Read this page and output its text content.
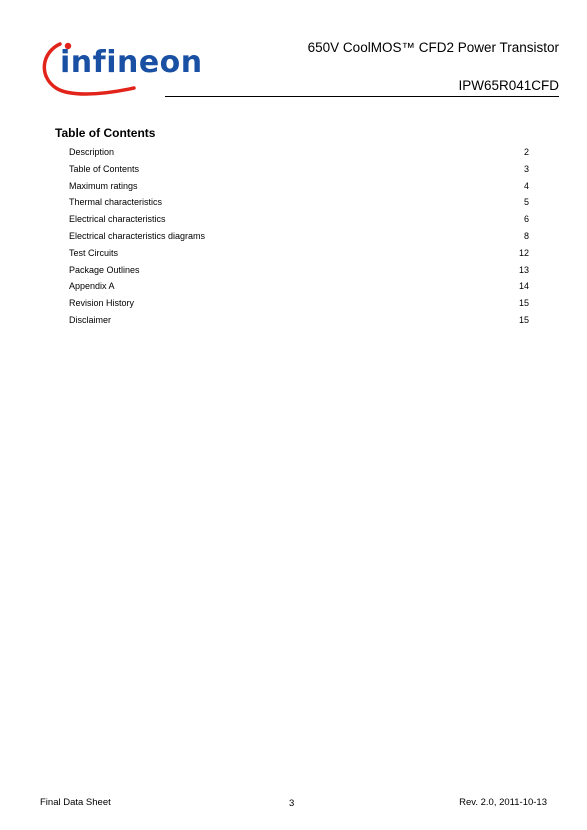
infineon	650V CoolMOS™ CFD2 Power Transistor
IPW65R041CFD
Table of Contents
Description	2
Table of Contents	3
Maximum ratings	4
Thermal characteristics	5
Electrical characteristics	6
Electrical characteristics diagrams	8
Test Circuits	12
Package Outlines	13
Appendix A	14
Revision History	15
Disclaimer	15
Final Data Sheet	3	Rev. 2.0, 2011-10-13
